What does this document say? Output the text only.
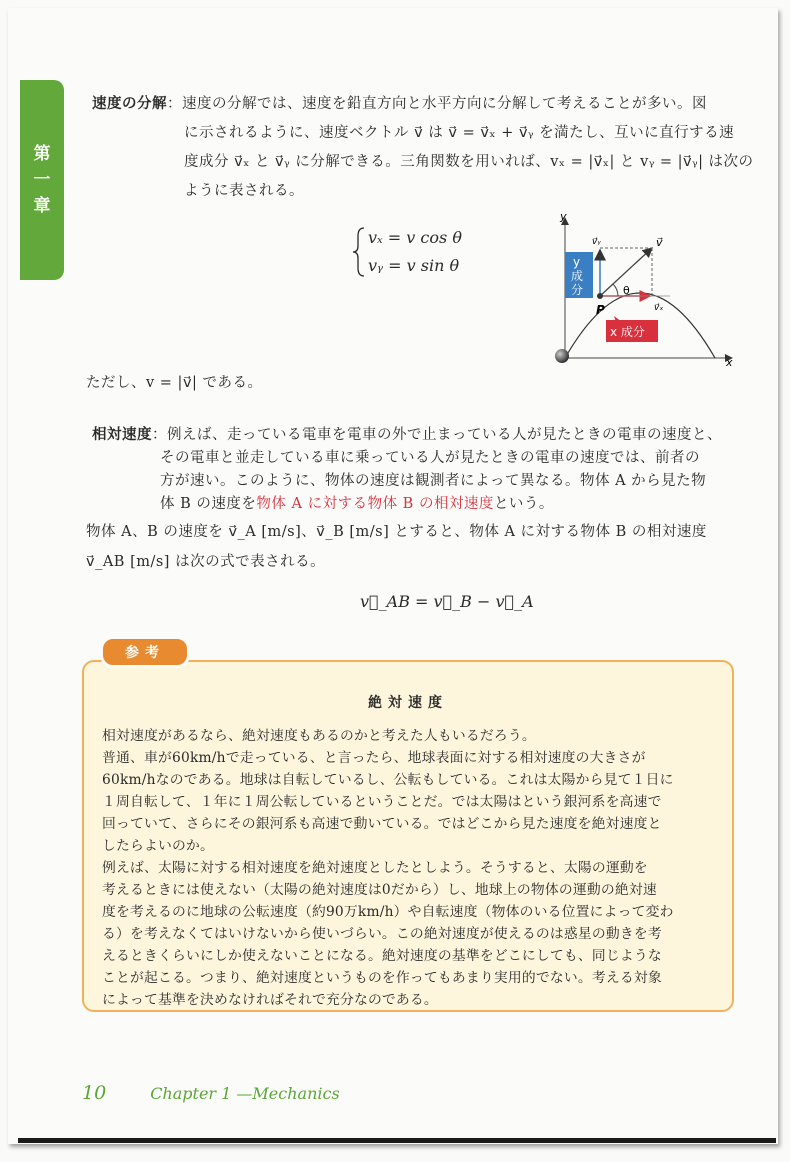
第
一
章
速度の分解：速度の分解では、速度を鉛直方向と水平方向に分解して考えることが多い。図
に示されるように、速度ベクトル v⃗ は v⃗ = v⃗ₓ + v⃗ᵧ を満たし、互いに直行する速
度成分 v⃗ₓ と v⃗ᵧ に分解できる。三角関数を用いれば、vₓ = |v⃗ₓ| と vᵧ = |v⃗ᵧ| は次の
ように表される。
vₓ = v cos θ
vᵧ = v sin θ
y
x
θ
P
v⃗
v⃗ᵧ
v⃗ₓ
y
成
分
x 成分
ただし、v = |v⃗| である。
相対速度：例えば、走っている電車を電車の外で止まっている人が見たときの電車の速度と、
その電車と並走している車に乗っている人が見たときの電車の速度では、前者の
方が速い。このように、物体の速度は観測者によって異なる。物体 A から見た物
体 B の速度を物体 A に対する物体 B の相対速度という。
物体 A、B の速度を v⃗_A [m/s]、v⃗_B [m/s] とすると、物体 A に対する物体 B の相対速度
v⃗_AB [m/s] は次の式で表される。
v⃗_AB = v⃗_B − v⃗_A
絶対速度
相対速度があるなら、絶対速度もあるのかと考えた人もいるだろう。
普通、車が60km/hで走っている、と言ったら、地球表面に対する相対速度の大きさが
60km/hなのである。地球は自転しているし、公転もしている。これは太陽から見て１日に
１周自転して、１年に１周公転しているということだ。では太陽はという銀河系を高速で
回っていて、さらにその銀河系も高速で動いている。ではどこから見た速度を絶対速度と
したらよいのか。
例えば、太陽に対する相対速度を絶対速度としたとしよう。そうすると、太陽の運動を
考えるときには使えない（太陽の絶対速度は0だから）し、地球上の物体の運動の絶対速
度を考えるのに地球の公転速度（約90万km/h）や自転速度（物体のいる位置によって変わ
る）を考えなくてはいけないから使いづらい。この絶対速度が使えるのは惑星の動きを考
えるときくらいにしか使えないことになる。絶対速度の基準をどこにしても、同じような
ことが起こる。つまり、絶対速度というものを作ってもあまり実用的でない。考える対象
によって基準を決めなければそれで充分なのである。
参考
10	Chapter 1 —Mechanics
